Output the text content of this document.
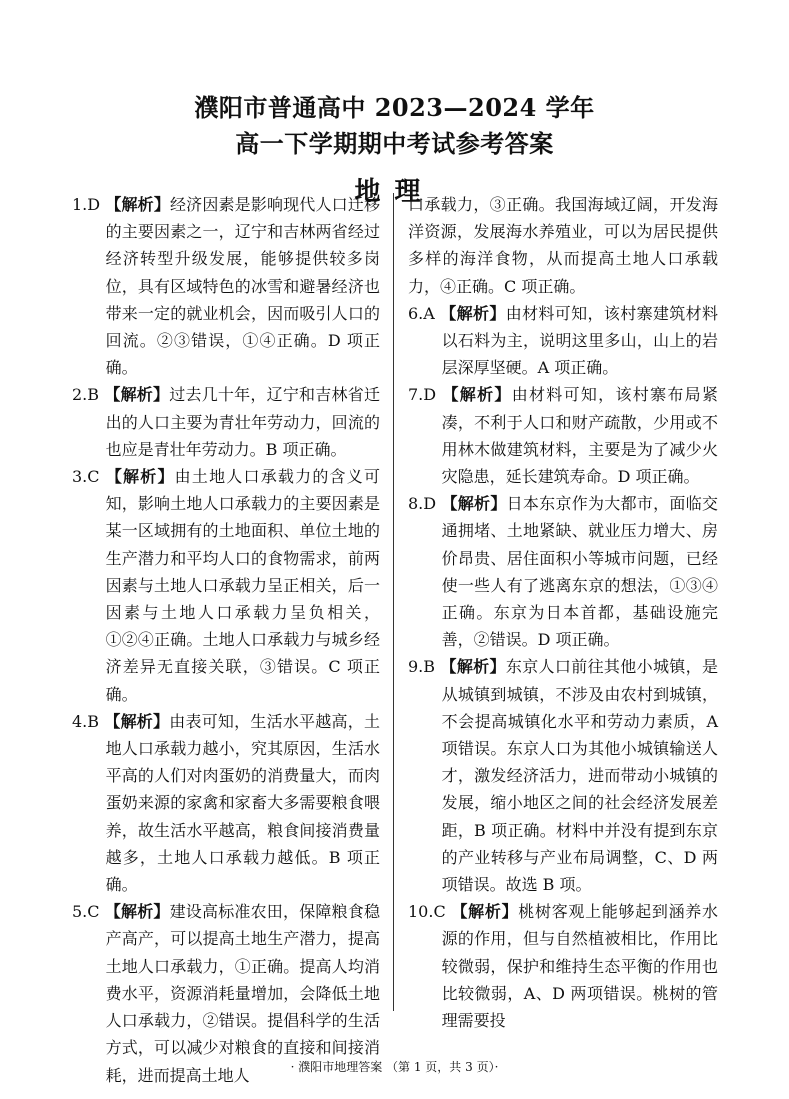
濮阳市普通高中 2023—2024 学年
高一下学期期中考试参考答案
地理

1.D 【解析】经济因素是影响现代人口迁移的主要因素之一，辽宁和吉林两省经过经济转型升级发展，能够提供较多岗位，具有区域特色的冰雪和避暑经济也带来一定的就业机会，因而吸引人口的回流。②③错误，①④正确。D 项正确。

2.B 【解析】过去几十年，辽宁和吉林省迁出的人口主要为青壮年劳动力，回流的也应是青壮年劳动力。B 项正确。

3.C 【解析】由土地人口承载力的含义可知，影响土地人口承载力的主要因素是某一区域拥有的土地面积、单位土地的生产潜力和平均人口的食物需求，前两因素与土地人口承载力呈正相关，后一因素与土地人口承载力呈负相关，①②④正确。土地人口承载力与城乡经济差异无直接关联，③错误。C 项正确。

4.B 【解析】由表可知，生活水平越高，土地人口承载力越小，究其原因，生活水平高的人们对肉蛋奶的消费量大，而肉蛋奶来源的家禽和家畜大多需要粮食喂养，故生活水平越高，粮食间接消费量越多，土地人口承载力越低。B 项正确。

5.C 【解析】建设高标准农田，保障粮食稳产高产，可以提高土地生产潜力，提高土地人口承载力，①正确。提高人均消费水平，资源消耗量增加，会降低土地人口承载力，②错误。提倡科学的生活方式，可以减少对粮食的直接和间接消耗，进而提高土地人

口承载力，③正确。我国海域辽阔，开发海洋资源，发展海水养殖业，可以为居民提供多样的海洋食物，从而提高土地人口承载力，④正确。C 项正确。

6.A 【解析】由材料可知，该村寨建筑材料以石料为主，说明这里多山，山上的岩层深厚坚硬。A 项正确。

7.D 【解析】由材料可知，该村寨布局紧凑，不利于人口和财产疏散，少用或不用林木做建筑材料，主要是为了减少火灾隐患，延长建筑寿命。D 项正确。

8.D 【解析】日本东京作为大都市，面临交通拥堵、土地紧缺、就业压力增大、房价昂贵、居住面积小等城市问题，已经使一些人有了逃离东京的想法，①③④正确。东京为日本首都，基础设施完善，②错误。D 项正确。

9.B 【解析】东京人口前往其他小城镇，是从城镇到城镇，不涉及由农村到城镇，不会提高城镇化水平和劳动力素质，A 项错误。东京人口为其他小城镇输送人才，激发经济活力，进而带动小城镇的发展，缩小地区之间的社会经济发展差距，B 项正确。材料中并没有提到东京的产业转移与产业布局调整，C、D 两项错误。故选 B 项。

10.C 【解析】桃树客观上能够起到涵养水源的作用，但与自然植被相比，作用比较微弱，保护和维持生态平衡的作用也比较微弱，A、D 两项错误。桃树的管理需要投

· 濮阳市地理答案 （第 1 页，共 3 页）·
